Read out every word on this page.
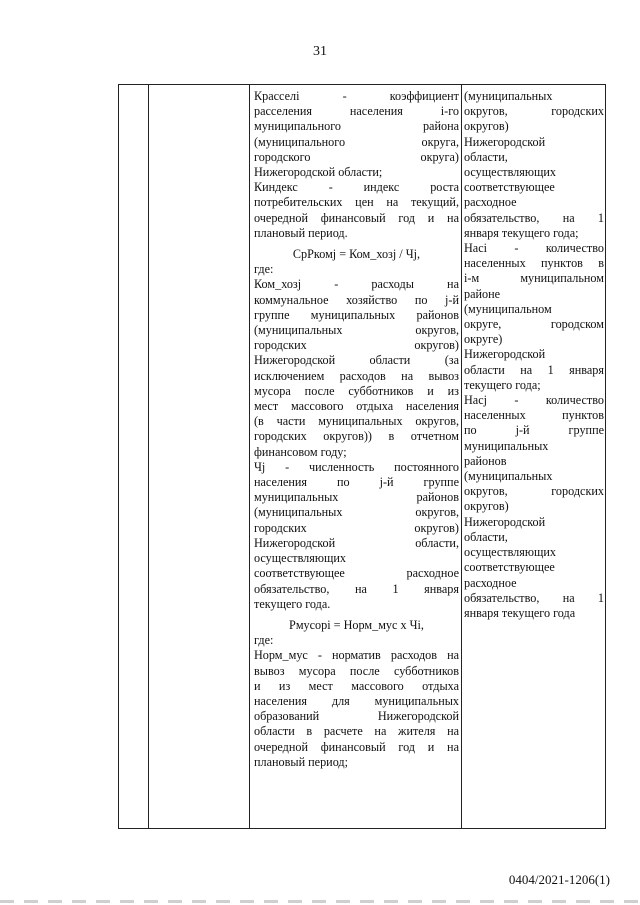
31

Красселі - коэффициент

расселения населения і-го

муниципального района

(муниципального округа,

городского округа)

Нижегородской области;

Киндекс - индекс роста

потребительских цен на текущий,

очередной финансовый год и на

плановый период.

СрРкомj = Ком_хозj / Чj,

где:

Ком_хозj - расходы на

коммунальное хозяйство по j-й

группе муниципальных районов

(муниципальных округов,

городских округов)

Нижегородской области (за

исключением расходов на вывоз

мусора после субботников и из

мест массового отдыха населения

(в части муниципальных округов,

городских округов)) в отчетном

финансовом году;

Чj - численность постоянного

населения по j-й группе

муниципальных районов

(муниципальных округов,

городских округов)

Нижегородской области,

осуществляющих

соответствующее расходное

обязательство, на 1 января

текущего года.

Рмусорі = Норм_мус х Чі,

где:

Норм_мус - норматив расходов на

вывоз мусора после субботников

и из мест массового отдыха

населения для муниципальных

образований Нижегородской

области в расчете на жителя на

очередной финансовый год и на

плановый период;

(муниципальных

округов, городских

округов)

Нижегородской

области,

осуществляющих

соответствующее

расходное

обязательство, на 1

января текущего года;

Насі - количество

населенных пунктов в

і-м муниципальном

районе

(муниципальном

округе, городском

округе)

Нижегородской

области на 1 января

текущего года;

Насj - количество

населенных пунктов

по j-й группе

муниципальных

районов

(муниципальных

округов, городских

округов)

Нижегородской

области,

осуществляющих

соответствующее

расходное

обязательство, на 1

января текущего года

0404/2021-1206(1)
